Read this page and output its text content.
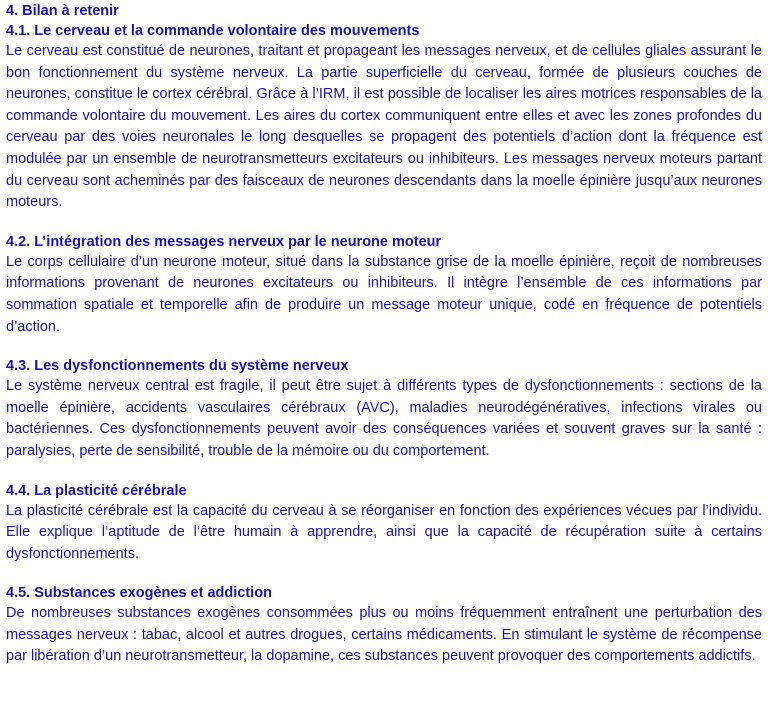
4. Bilan à retenir
4.1. Le cerveau et la commande volontaire des mouvements

Le cerveau est constitué de neurones, traitant et propageant les messages nerveux, et de cellules gliales assurant le bon fonctionnement du système nerveux. La partie superficielle du cerveau, formée de plusieurs couches de neurones, constitue le cortex cérébral. Grâce à l’IRM, il est possible de localiser les aires motrices responsables de la commande volontaire du mouvement. Les aires du cortex communiquent entre elles et avec les zones profondes du cerveau par des voies neuronales le long desquelles se propagent des potentiels d’action dont la fréquence est modulée par un ensemble de neurotransmetteurs excitateurs ou inhibiteurs. Les messages nerveux moteurs partant du cerveau sont acheminés par des faisceaux de neurones descendants dans la moelle épinière jusqu’aux neurones moteurs.

4.2. L’intégration des messages nerveux par le neurone moteur

Le corps cellulaire d’un neurone moteur, situé dans la substance grise de la moelle épinière, reçoit de nombreuses informations provenant de neurones excitateurs ou inhibiteurs. Il intègre l’ensemble de ces informations par sommation spatiale et temporelle afin de produire un message moteur unique, codé en fréquence de potentiels d’action.

4.3. Les dysfonctionnements du système nerveux

Le système nerveux central est fragile, il peut être sujet à différents types de dysfonctionnements : sections de la moelle épinière, accidents vasculaires cérébraux (AVC), maladies neurodégénératives, infections virales ou bactériennes. Ces dysfonctionnements peuvent avoir des conséquences variées et souvent graves sur la santé : paralysies, perte de sensibilité, trouble de la mémoire ou du comportement.

4.4. La plasticité cérébrale

La plasticité cérébrale est la capacité du cerveau à se réorganiser en fonction des expériences vécues par l’individu. Elle explique l’aptitude de l’être humain à apprendre, ainsi que la capacité de récupération suite à certains dysfonctionnements.

4.5. Substances exogènes et addiction

De nombreuses substances exogènes consommées plus ou moins fréquemment entraînent une perturbation des messages nerveux : tabac, alcool et autres drogues, certains médicaments. En stimulant le système de récompense par libération d’un neurotransmetteur, la dopamine, ces substances peuvent provoquer des comportements addictifs.
